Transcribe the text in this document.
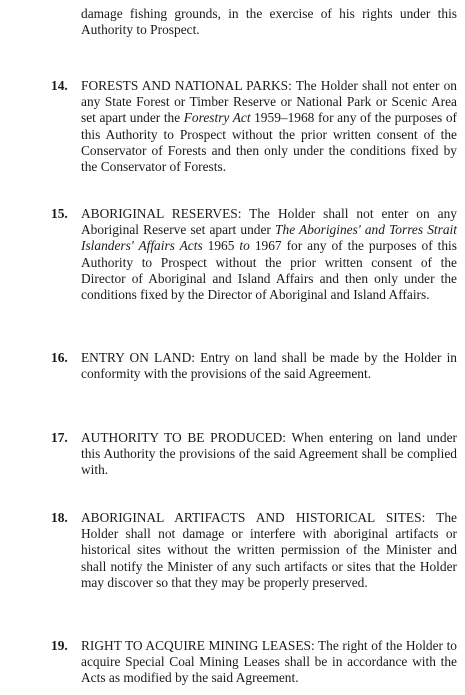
damage fishing grounds, in the exercise of his rights under this Authority to Prospect.
14. FORESTS AND NATIONAL PARKS: The Holder shall not enter on any State Forest or Timber Reserve or National Park or Scenic Area set apart under the Forestry Act 1959–1968 for any of the purposes of this Authority to Prospect without the prior written consent of the Conservator of Forests and then only under the conditions fixed by the Conservator of Forests.
15. ABORIGINAL RESERVES: The Holder shall not enter on any Aboriginal Reserve set apart under The Aborigines' and Torres Strait Islanders' Affairs Acts 1965 to 1967 for any of the purposes of this Authority to Prospect without the prior written consent of the Director of Aboriginal and Island Affairs and then only under the conditions fixed by the Director of Aboriginal and Island Affairs.
16. ENTRY ON LAND: Entry on land shall be made by the Holder in conformity with the provisions of the said Agreement.
17. AUTHORITY TO BE PRODUCED: When entering on land under this Authority the provisions of the said Agreement shall be complied with.
18. ABORIGINAL ARTIFACTS AND HISTORICAL SITES: The Holder shall not damage or interfere with aboriginal artifacts or historical sites without the written permission of the Minister and shall notify the Minister of any such artifacts or sites that the Holder may discover so that they may be properly preserved.
19. RIGHT TO ACQUIRE MINING LEASES: The right of the Holder to acquire Special Coal Mining Leases shall be in accordance with the Acts as modified by the said Agreement.
